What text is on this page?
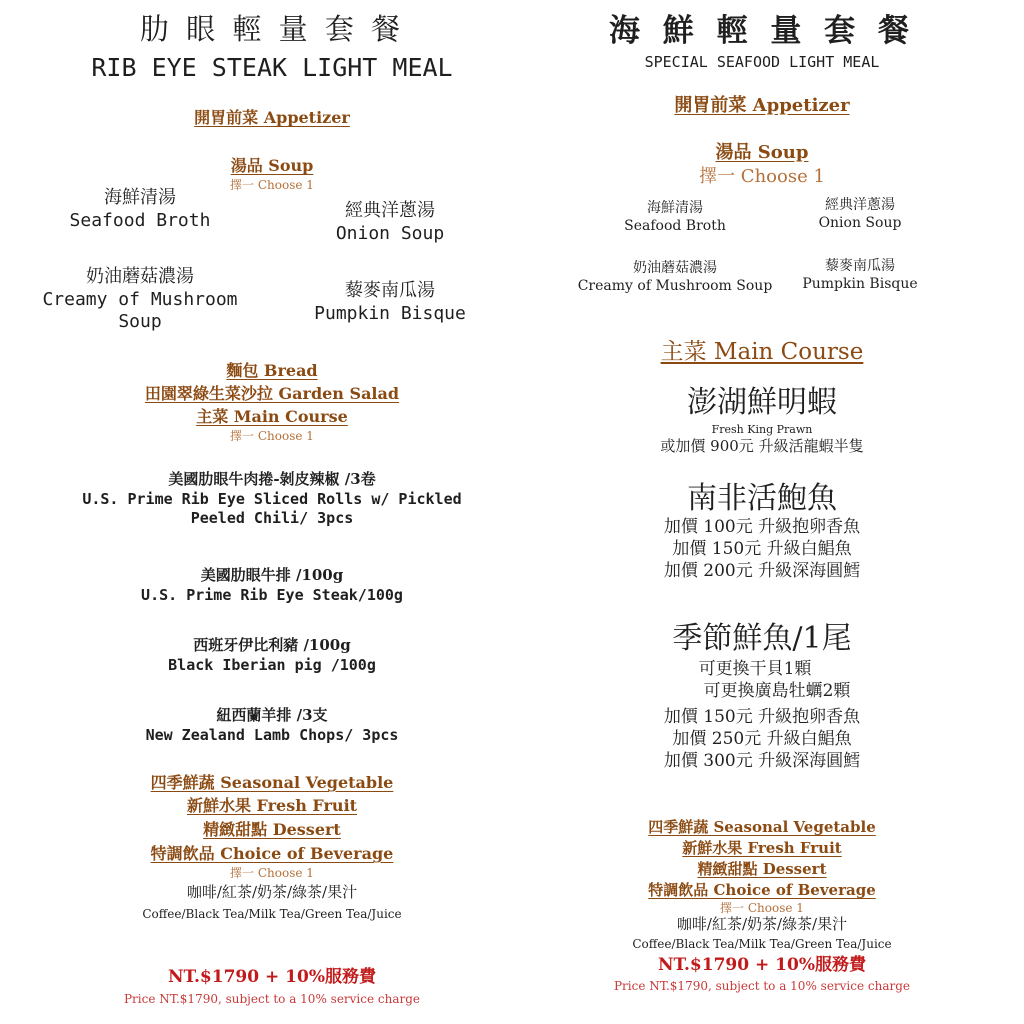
肋 眼 輕 量 套 餐
RIB EYE STEAK LIGHT MEAL
開胃前菜 Appetizer
湯品 Soup
擇一 Choose 1
海鮮清湯
Seafood Broth	經典洋蔥湯
Onion Soup
奶油蘑菇濃湯
Creamy of Mushroom
Soup
藜麥南瓜湯
Pumpkin Bisque
麵包 Bread
田園翠綠生菜沙拉 Garden Salad
主菜 Main Course
擇一 Choose 1
美國肋眼牛肉捲-剝皮辣椒 /3卷
U.S. Prime Rib Eye Sliced Rolls w/ Pickled
Peeled Chili/ 3pcs
美國肋眼牛排 /100g
U.S. Prime Rib Eye Steak/100g
西班牙伊比利豬 /100g
Black Iberian pig /100g
紐西蘭羊排 /3支
New Zealand Lamb Chops/ 3pcs
四季鮮蔬 Seasonal Vegetable
新鮮水果 Fresh Fruit
精緻甜點 Dessert
特調飲品 Choice of Beverage
擇一 Choose 1
咖啡/紅茶/奶茶/綠茶/果汁
Coffee/Black Tea/Milk Tea/Green Tea/Juice
NT.$1790 + 10%服務費
Price NT.$1790, subject to a 10% service charge
海 鮮 輕 量 套 餐
SPECIAL SEAFOOD LIGHT MEAL
開胃前菜 Appetizer
湯品 Soup
擇一 Choose 1
海鮮清湯
Seafood Broth
經典洋蔥湯
Onion Soup
奶油蘑菇濃湯
Creamy of Mushroom Soup
藜麥南瓜湯
Pumpkin Bisque
主菜 Main Course
澎湖鮮明蝦
Fresh King Prawn
或加價 900元 升級活龍蝦半隻
南非活鮑魚
加價 100元 升級抱卵香魚
加價 150元 升級白鯧魚
加價 200元 升級深海圓鱈
季節鮮魚/1尾
可更換干貝1顆
可更換廣島牡蠣2顆
加價 150元 升級抱卵香魚
加價 250元 升級白鯧魚
加價 300元 升級深海圓鱈
四季鮮蔬 Seasonal Vegetable
新鮮水果 Fresh Fruit
精緻甜點 Dessert
特調飲品 Choice of Beverage
擇一 Choose 1
咖啡/紅茶/奶茶/綠茶/果汁
Coffee/Black Tea/Milk Tea/Green Tea/Juice
NT.$1790 + 10%服務費
Price NT.$1790, subject to a 10% service charge
